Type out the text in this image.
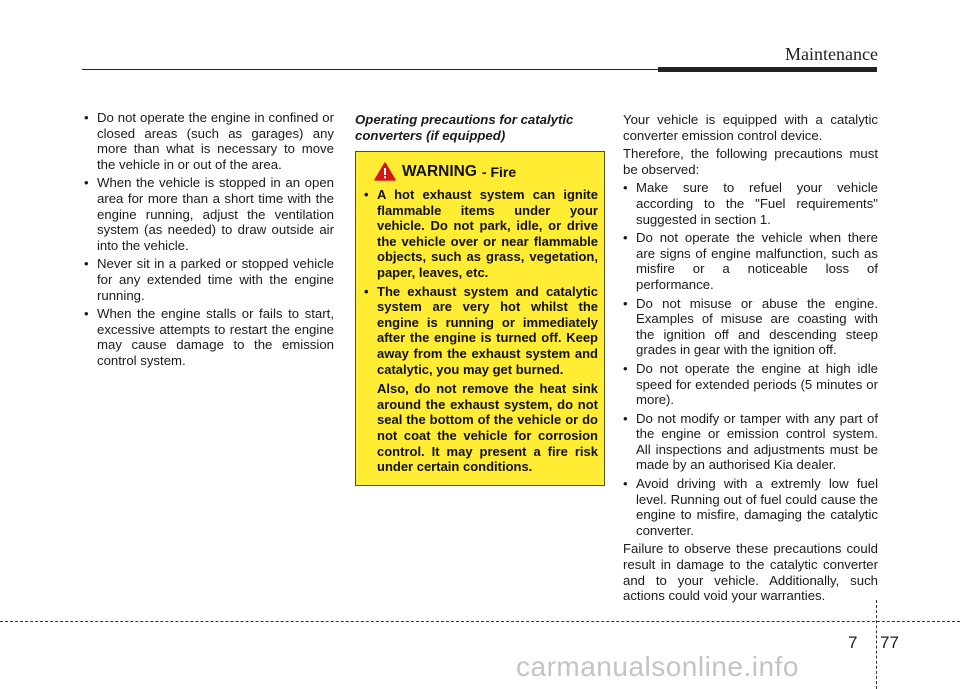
Maintenance
• Do not operate the engine in confined or closed areas (such as garages) any more than what is necessary to move the vehicle in or out of the area.
• When the vehicle is stopped in an open area for more than a short time with the engine running, adjust the ventilation system (as needed) to draw outside air into the vehicle.
• Never sit in a parked or stopped vehicle for any extended time with the engine running.
• When the engine stalls or fails to start, excessive attempts to restart the engine may cause damage to the emission control system.
Operating precautions for catalytic converters (if equipped)
WARNING - Fire
• A hot exhaust system can ignite flammable items under your vehicle. Do not park, idle, or drive the vehicle over or near flammable objects, such as grass, vegetation, paper, leaves, etc.
• The exhaust system and catalytic system are very hot whilst the engine is running or immediately after the engine is turned off. Keep away from the exhaust system and catalytic, you may get burned.

Also, do not remove the heat sink around the exhaust system, do not seal the bottom of the vehicle or do not coat the vehicle for corrosion control. It may present a fire risk under certain conditions.

Your vehicle is equipped with a catalytic converter emission control device.

Therefore, the following precautions must be observed:

• Make sure to refuel your vehicle according to the "Fuel requirements" suggested in section 1.
• Do not operate the vehicle when there are signs of engine malfunction, such as misfire or a noticeable loss of performance.
• Do not misuse or abuse the engine. Examples of misuse are coasting with the ignition off and descending steep grades in gear with the ignition off.
• Do not operate the engine at high idle speed for extended periods (5 minutes or more).
• Do not modify or tamper with any part of the engine or emission control system. All inspections and adjustments must be made by an authorised Kia dealer.
• Avoid driving with a extremly low fuel level. Running out of fuel could cause the engine to misfire, damaging the catalytic converter.

Failure to observe these precautions could result in damage to the catalytic converter and to your vehicle. Additionally, such actions could void your warranties.

7 77
carmanualsonline.info
